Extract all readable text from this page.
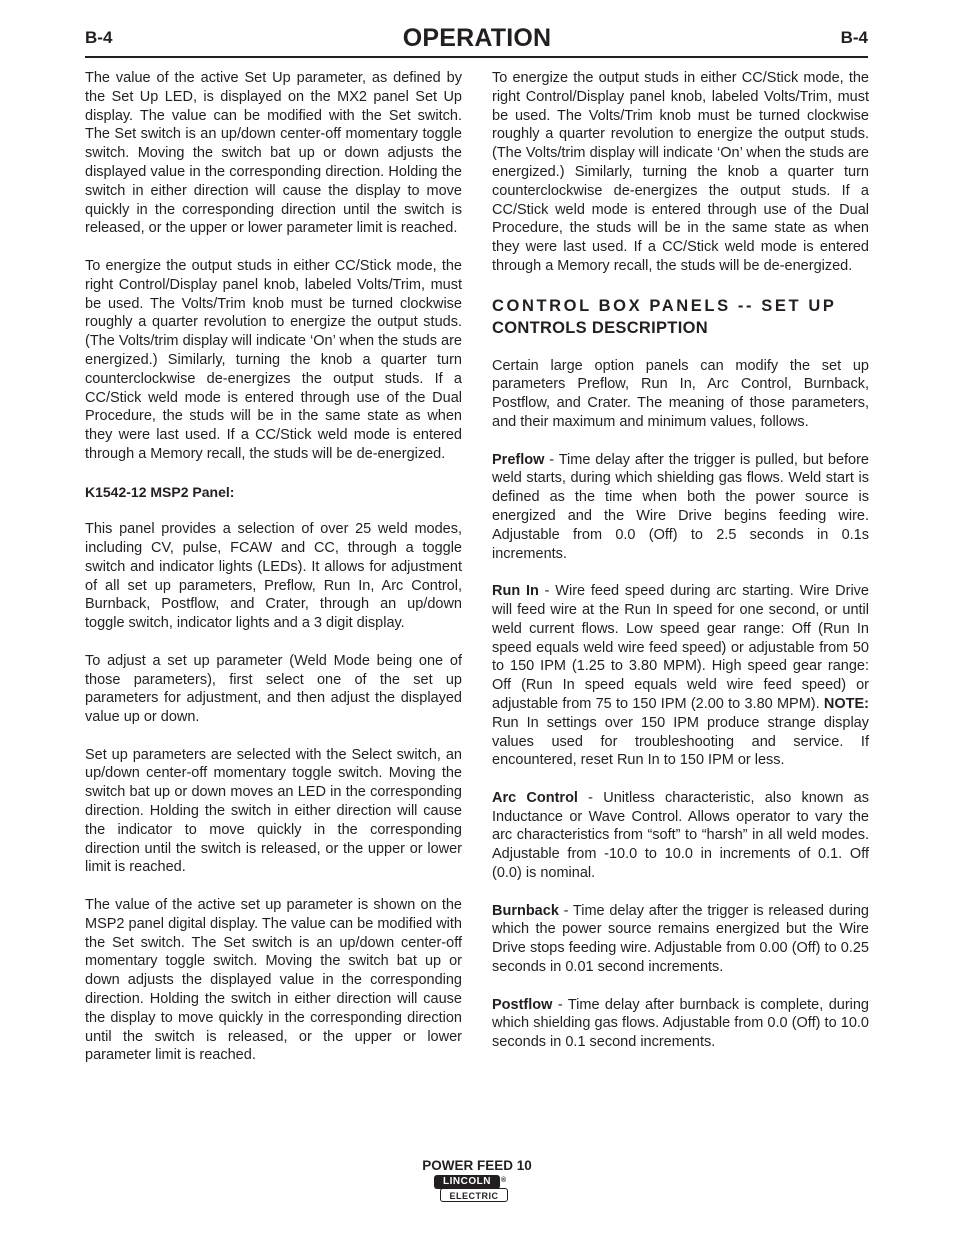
B-4	OPERATION	B-4

The value of the active Set Up parameter, as defined by the Set Up LED, is displayed on the MX2 panel Set Up display. The value can be modified with the Set switch. The Set switch is an up/down center-off momentary toggle switch. Moving the switch bat up or down adjusts the displayed value in the corresponding direction. Holding the switch in either direction will cause the display to move quickly in the corresponding direction until the switch is released, or the upper or lower parameter limit is reached.

To energize the output studs in either CC/Stick mode, the right Control/Display panel knob, labeled Volts/Trim, must be used. The Volts/Trim knob must be turned clockwise roughly a quarter revolution to energize the output studs. (The Volts/trim display will indicate ‘On’ when the studs are energized.) Similarly, turning the knob a quarter turn counterclockwise de-energizes the output studs. If a CC/Stick weld mode is entered through use of the Dual Procedure, the studs will be in the same state as when they were last used. If a CC/Stick weld mode is entered through a Memory recall, the studs will be de-energized.

K1542-12 MSP2 Panel:

This panel provides a selection of over 25 weld modes, including CV, pulse, FCAW and CC, through a toggle switch and indicator lights (LEDs). It allows for adjustment of all set up parameters, Preflow, Run In, Arc Control, Burnback, Postflow, and Crater, through an up/down toggle switch, indicator lights and a 3 digit display.

To adjust a set up parameter (Weld Mode being one of those parameters), first select one of the set up parameters for adjustment, and then adjust the displayed value up or down.

Set up parameters are selected with the Select switch, an up/down center-off momentary toggle switch. Moving the switch bat up or down moves an LED in the corresponding direction. Holding the switch in either direction will cause the indicator to move quickly in the corresponding direction until the switch is released, or the upper or lower limit is reached.

The value of the active set up parameter is shown on the MSP2 panel digital display. The value can be modified with the Set switch. The Set switch is an up/down center-off momentary toggle switch. Moving the switch bat up or down adjusts the displayed value in the corresponding direction. Holding the switch in either direction will cause the display to move quickly in the corresponding direction until the switch is released, or the upper or lower parameter limit is reached.

To energize the output studs in either CC/Stick mode, the right Control/Display panel knob, labeled Volts/Trim, must be used. The Volts/Trim knob must be turned clockwise roughly a quarter revolution to energize the output studs. (The Volts/trim display will indicate ‘On’ when the studs are energized.) Similarly, turning the knob a quarter turn counterclockwise de-energizes the output studs. If a CC/Stick weld mode is entered through use of the Dual Procedure, the studs will be in the same state as when they were last used. If a CC/Stick weld mode is entered through a Memory recall, the studs will be de-energized.

CONTROL BOX PANELS -- SET UP
CONTROLS DESCRIPTION

Certain large option panels can modify the set up parameters Preflow, Run In, Arc Control, Burnback, Postflow, and Crater. The meaning of those parameters, and their maximum and minimum values, follows.

Preflow - Time delay after the trigger is pulled, but before weld starts, during which shielding gas flows. Weld start is defined as the time when both the power source is energized and the Wire Drive begins feeding wire. Adjustable from 0.0 (Off) to 2.5 seconds in 0.1s increments.

Run In - Wire feed speed during arc starting. Wire Drive will feed wire at the Run In speed for one second, or until weld current flows. Low speed gear range: Off (Run In speed equals weld wire feed speed) or adjustable from 50 to 150 IPM (1.25 to 3.80 MPM). High speed gear range: Off (Run In speed equals weld wire feed speed) or adjustable from 75 to 150 IPM (2.00 to 3.80 MPM). NOTE: Run In settings over 150 IPM produce strange display values used for troubleshooting and service. If encountered, reset Run In to 150 IPM or less.

Arc Control - Unitless characteristic, also known as Inductance or Wave Control. Allows operator to vary the arc characteristics from “soft” to “harsh” in all weld modes. Adjustable from -10.0 to 10.0 in increments of 0.1. Off (0.0) is nominal.

Burnback - Time delay after the trigger is released during which the power source remains energized but the Wire Drive stops feeding wire. Adjustable from 0.00 (Off) to 0.25 seconds in 0.01 second increments.

Postflow - Time delay after burnback is complete, during which shielding gas flows. Adjustable from 0.0 (Off) to 10.0 seconds in 0.1 second increments.

POWER FEED 10
LINCOLN
ELECTRIC
®
